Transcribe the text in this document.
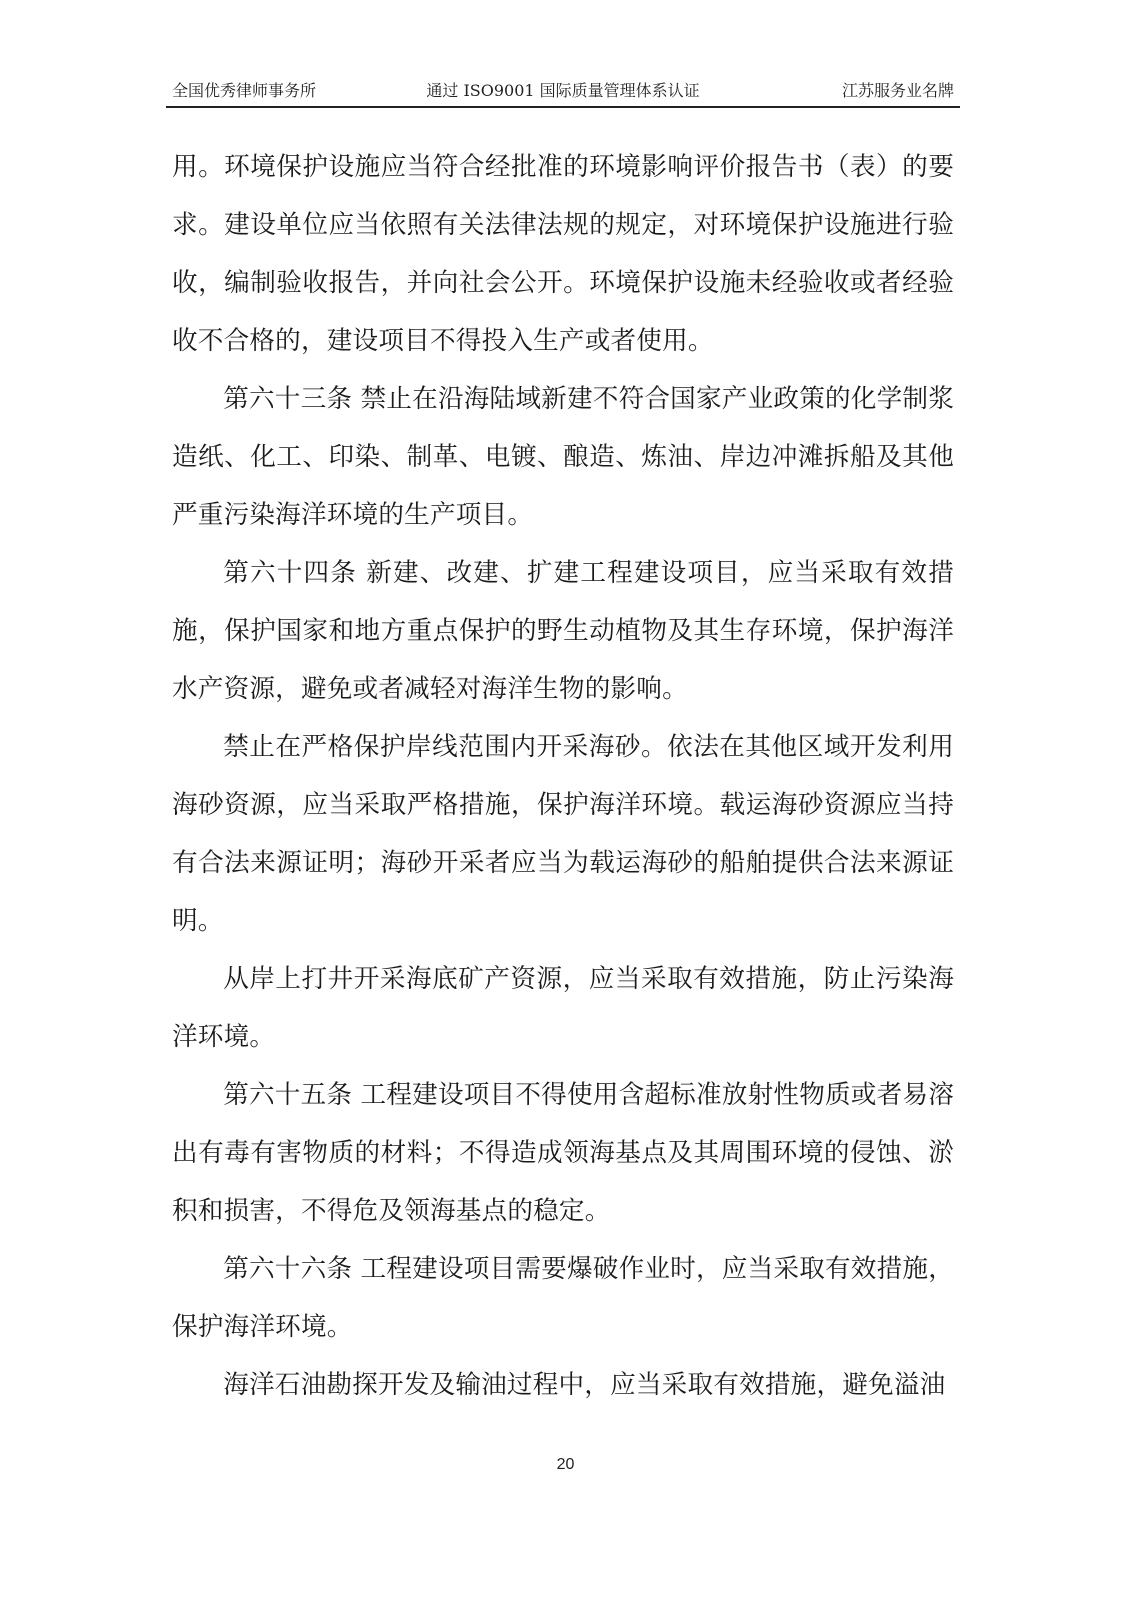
全国优秀律师事务所	通过 ISO9001 国际质量管理体系认证	江苏服务业名牌

用。环境保护设施应当符合经批准的环境影响评价报告书（表）的要求。建设单位应当依照有关法律法规的规定，对环境保护设施进行验收，编制验收报告，并向社会公开。环境保护设施未经验收或者经验收不合格的，建设项目不得投入生产或者使用。

第六十三条 禁止在沿海陆域新建不符合国家产业政策的化学制浆造纸、化工、印染、制革、电镀、酿造、炼油、岸边冲滩拆船及其他严重污染海洋环境的生产项目。

第六十四条 新建、改建、扩建工程建设项目，应当采取有效措施，保护国家和地方重点保护的野生动植物及其生存环境，保护海洋水产资源，避免或者减轻对海洋生物的影响。

禁止在严格保护岸线范围内开采海砂。依法在其他区域开发利用海砂资源，应当采取严格措施，保护海洋环境。载运海砂资源应当持有合法来源证明；海砂开采者应当为载运海砂的船舶提供合法来源证明。

从岸上打井开采海底矿产资源，应当采取有效措施，防止污染海洋环境。

第六十五条 工程建设项目不得使用含超标准放射性物质或者易溶出有毒有害物质的材料；不得造成领海基点及其周围环境的侵蚀、淤积和损害，不得危及领海基点的稳定。

第六十六条 工程建设项目需要爆破作业时，应当采取有效措施，保护海洋环境。

海洋石油勘探开发及输油过程中，应当采取有效措施，避免溢油

20
